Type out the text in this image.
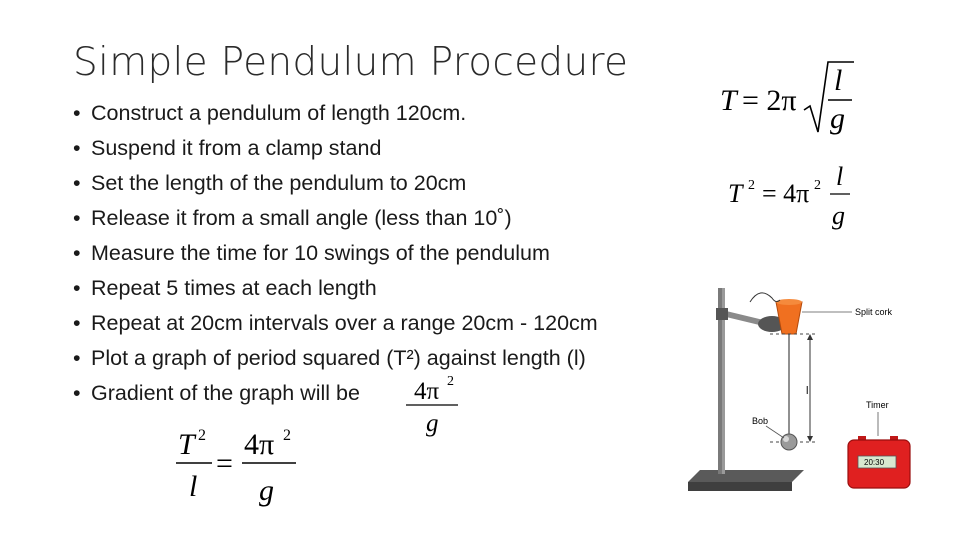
Simple Pendulum Procedure
• Construct a pendulum of length 120cm.
• Suspend it from a clamp stand
• Set the length of the pendulum to 20cm
• Release it from a small angle (less than 10˚)
• Measure the time for 10 swings of the pendulum
• Repeat 5 times at each length
• Repeat at 20cm intervals over a range 20cm - 120cm
• Plot a graph of period squared (T²) against length (l)
• Gradient of the graph will be 4π 2
g
T 2
l
=
4π 2
g
T = 2π
l
g
T 2 = 4π 2 l
g
l
Bob
Split cork
Timer
20:30
